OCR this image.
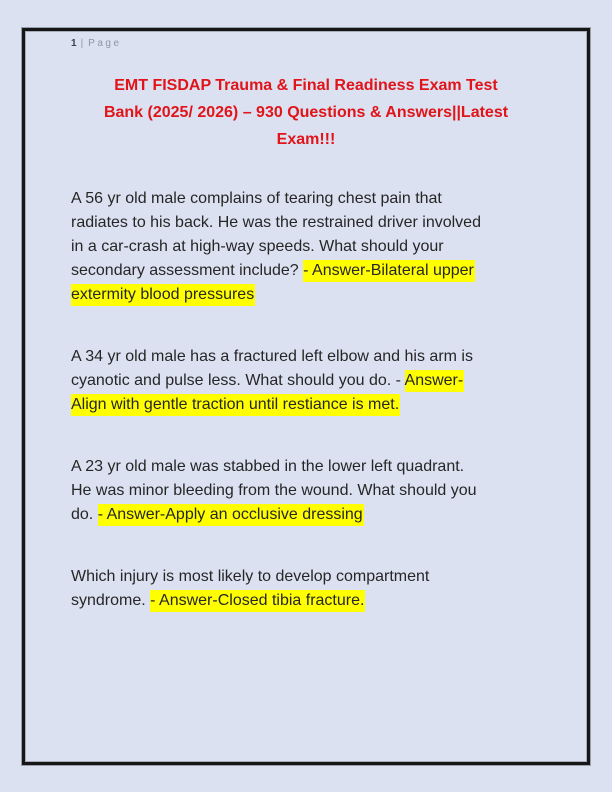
1 | Page
EMT FISDAP Trauma & Final Readiness Exam Test
Bank (2025/ 2026) – 930 Questions & Answers||Latest
Exam!!!
A 56 yr old male complains of tearing chest pain that
radiates to his back. He was the restrained driver involved
in a car-crash at high-way speeds. What should your
secondary assessment include? - Answer-Bilateral upper
extermity blood pressures
A 34 yr old male has a fractured left elbow and his arm is
cyanotic and pulse less. What should you do. - Answer-
Align with gentle traction until restiance is met.
A 23 yr old male was stabbed in the lower left quadrant.
He was minor bleeding from the wound. What should you
do. - Answer-Apply an occlusive dressing
Which injury is most likely to develop compartment
syndrome. - Answer-Closed tibia fracture.
